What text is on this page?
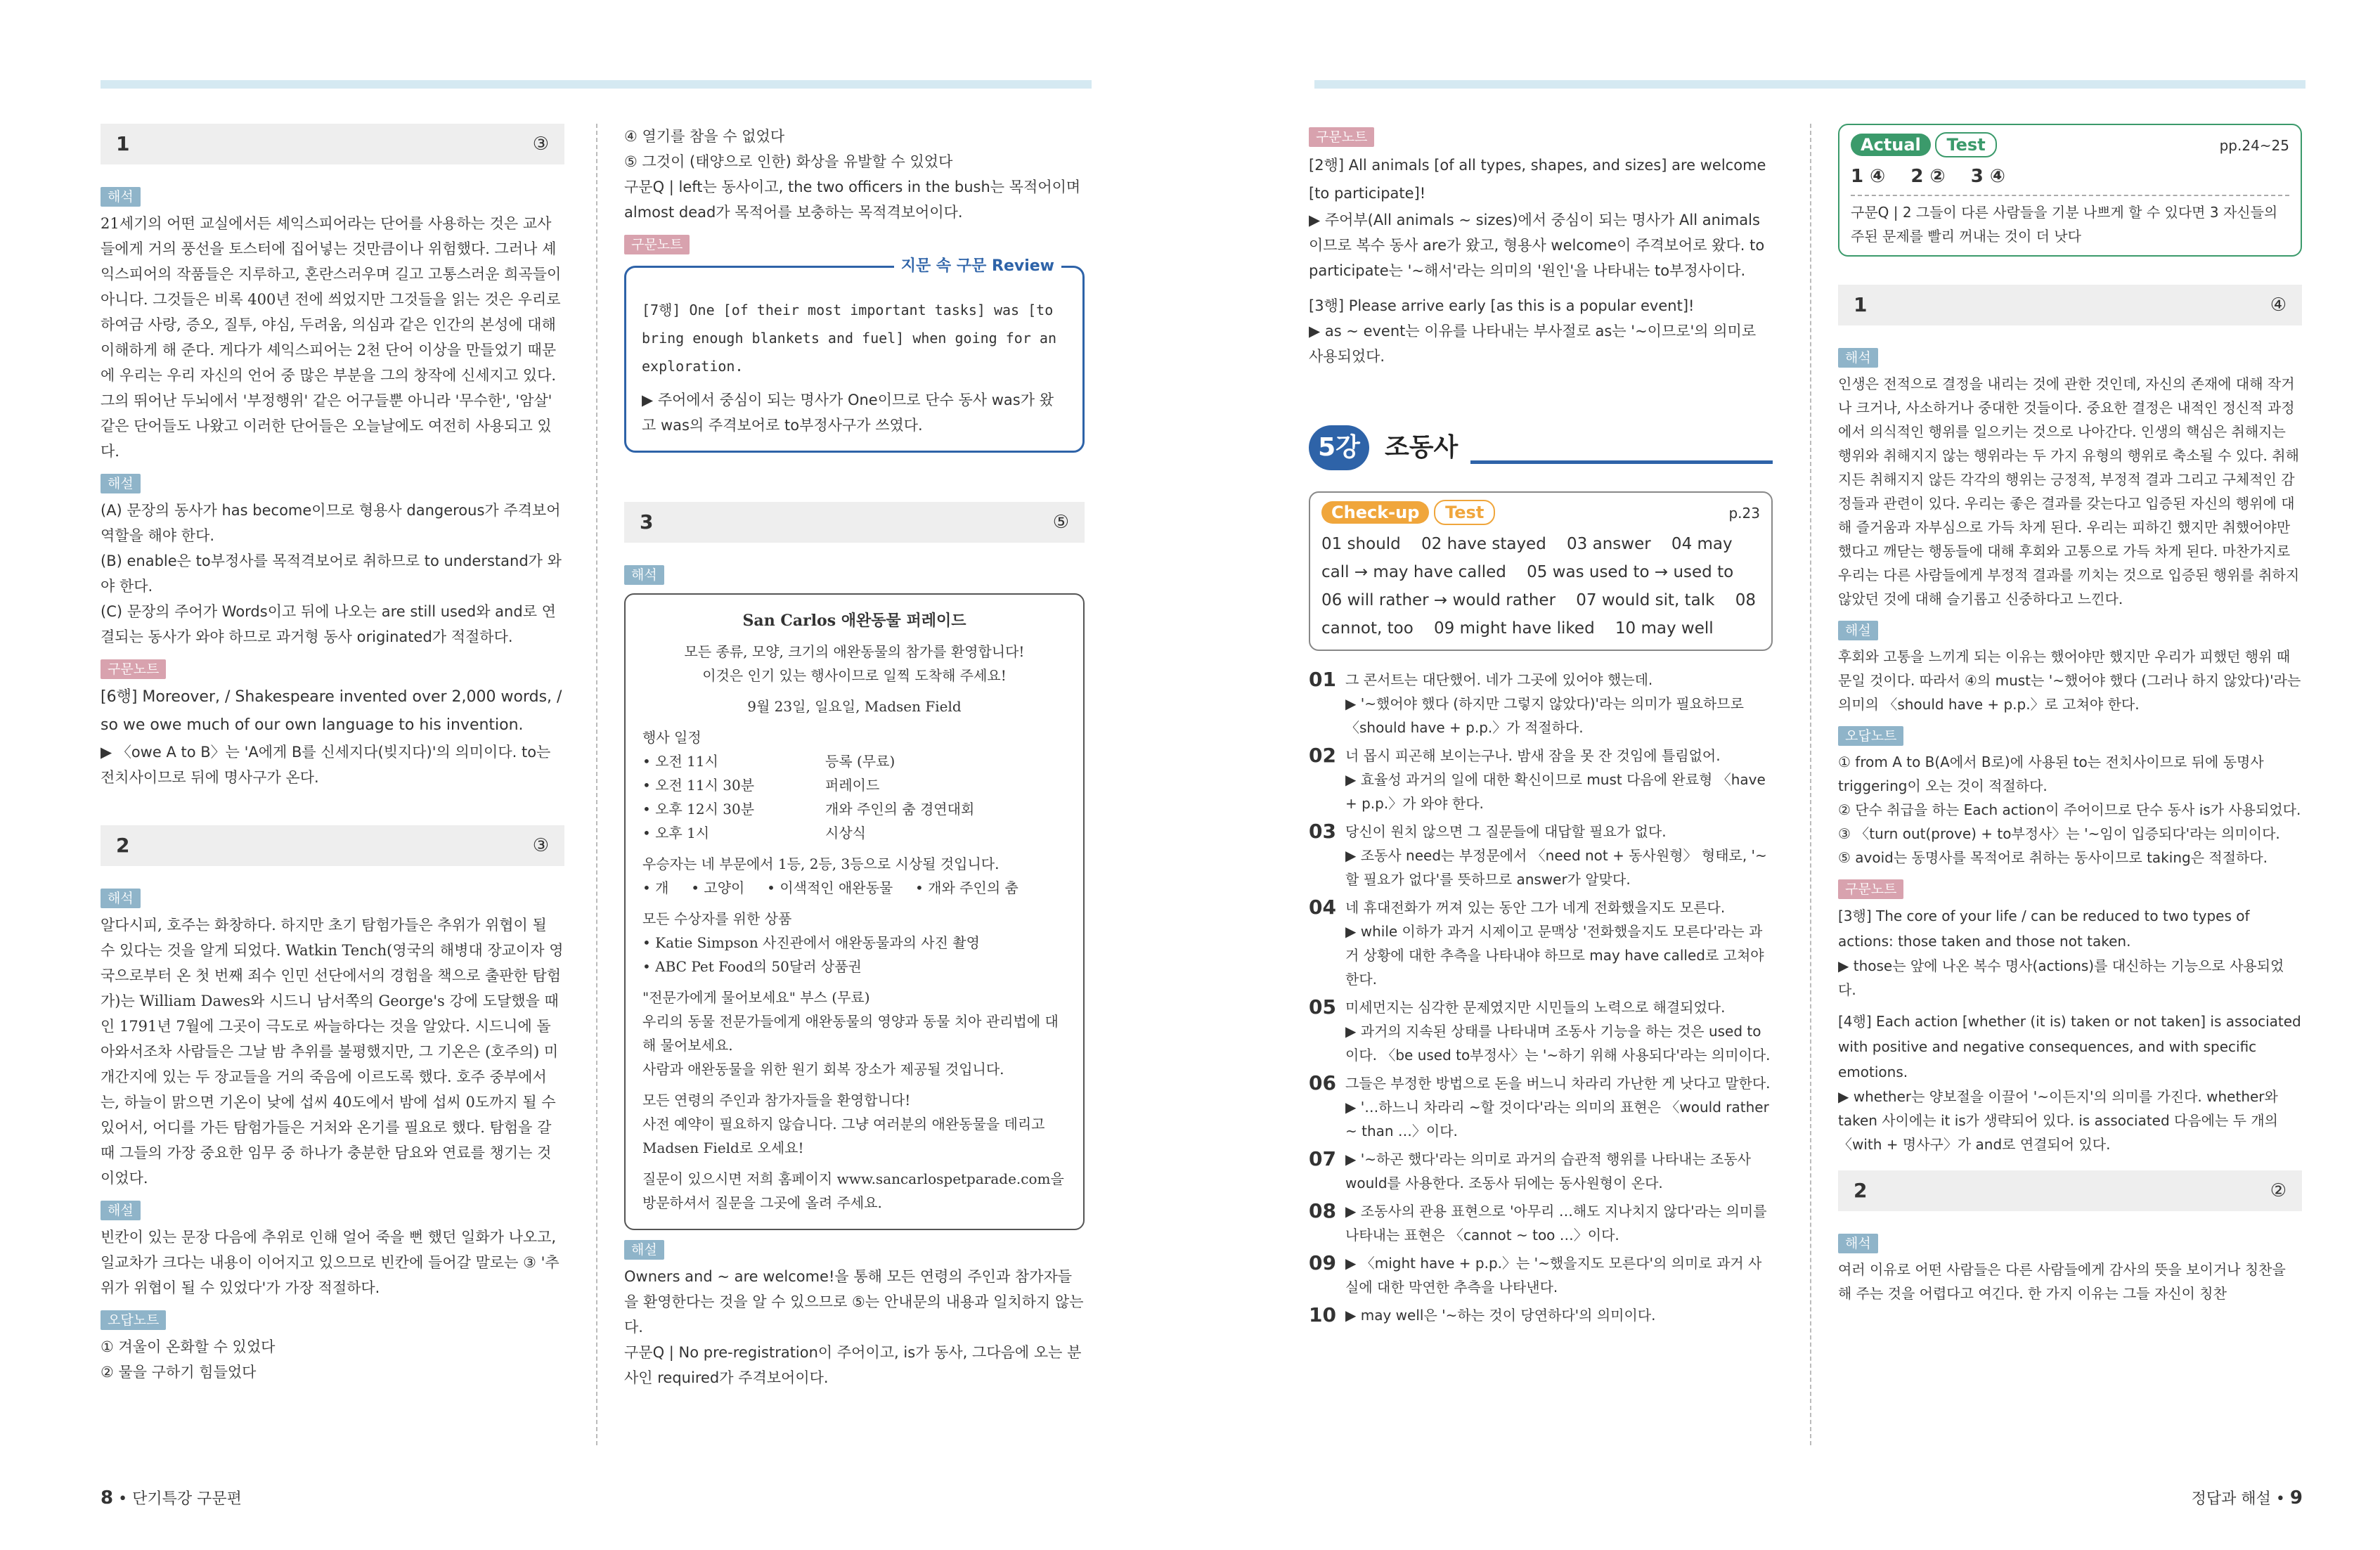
1	③
해석

21세기의 어떤 교실에서든 셰익스피어라는 단어를 사용하는 것은 교사들에게 거의 풍선을 토스터에 집어넣는 것만큼이나 위험했다. 그러나 셰익스피어의 작품들은 지루하고, 혼란스러우며 길고 고통스러운 희곡들이 아니다. 그것들은 비록 400년 전에 씌었지만 그것들을 읽는 것은 우리로 하여금 사랑, 증오, 질투, 야심, 두려움, 의심과 같은 인간의 본성에 대해 이해하게 해 준다. 게다가 셰익스피어는 2천 단어 이상을 만들었기 때문에 우리는 우리 자신의 언어 중 많은 부분을 그의 창작에 신세지고 있다. 그의 뛰어난 두뇌에서 '부정행위' 같은 어구들뿐 아니라 '무수한', '암살' 같은 단어들도 나왔고 이러한 단어들은 오늘날에도 여전히 사용되고 있다.

해설

(A) 문장의 동사가 has become이므로 형용사 dangerous가 주격보어 역할을 해야 한다.

(B) enable은 to부정사를 목적격보어로 취하므로 to understand가 와야 한다.

(C) 문장의 주어가 Words이고 뒤에 나오는 are still used와 and로 연결되는 동사가 와야 하므로 과거형 동사 originated가 적절하다.

구문노트

[6행] Moreover, / Shakespeare invented over 2,000 words, / so we owe much of our own language to his invention.

▶ 〈owe A to B〉는 'A에게 B를 신세지다(빚지다)'의 의미이다. to는 전치사이므로 뒤에 명사구가 온다.

2	③
해석

알다시피, 호주는 화창하다. 하지만 초기 탐험가들은 추위가 위협이 될 수 있다는 것을 알게 되었다. Watkin Tench(영국의 해병대 장교이자 영국으로부터 온 첫 번째 죄수 인민 선단에서의 경험을 책으로 출판한 탐험가)는 William Dawes와 시드니 남서쪽의 George's 강에 도달했을 때인 1791년 7월에 그곳이 극도로 싸늘하다는 것을 알았다. 시드니에 돌아와서조차 사람들은 그날 밤 추위를 불평했지만, 그 기온은 (호주의) 미개간지에 있는 두 장교들을 거의 죽음에 이르도록 했다. 호주 중부에서는, 하늘이 맑으면 기온이 낮에 섭씨 40도에서 밤에 섭씨 0도까지 될 수 있어서, 어디를 가든 탐험가들은 거처와 온기를 필요로 했다. 탐험을 갈 때 그들의 가장 중요한 임무 중 하나가 충분한 담요와 연료를 챙기는 것이었다.

해설

빈칸이 있는 문장 다음에 추위로 인해 얼어 죽을 뻔 했던 일화가 나오고, 일교차가 크다는 내용이 이어지고 있으므로 빈칸에 들어갈 말로는 ③ '추위가 위협이 될 수 있었다'가 가장 적절하다.

오답노트

① 겨울이 온화할 수 있었다

② 물을 구하기 힘들었다

④ 열기를 참을 수 없었다

⑤ 그것이 (태양으로 인한) 화상을 유발할 수 있었다

구문Q | left는 동사이고, the two officers in the bush는 목적어이며 almost dead가 목적어를 보충하는 목적격보어이다.

구문노트
지문 속 구문 Review

[7행] One [of their most important tasks] was [to bring enough blankets and fuel] when going for an exploration.

▶ 주어에서 중심이 되는 명사가 One이므로 단수 동사 was가 왔고 was의 주격보어로 to부정사구가 쓰였다.

3	⑤
해석
San Carlos 애완동물 퍼레이드
모든 종류, 모양, 크기의 애완동물의 참가를 환영합니다!
이것은 인기 있는 행사이므로 일찍 도착해 주세요!
9월 23일, 일요일, Madsen Field
행사 일정
• 오전 11시	등록 (무료)
• 오전 11시 30분	퍼레이드
• 오후 12시 30분	개와 주인의 춤 경연대회
• 오후 1시	시상식
우승자는 네 부문에서 1등, 2등, 3등으로 시상될 것입니다.
• 개     • 고양이     • 이색적인 애완동물     • 개와 주인의 춤
모든 수상자를 위한 상품
• Katie Simpson 사진관에서 애완동물과의 사진 촬영
• ABC Pet Food의 50달러 상품권
"전문가에게 물어보세요" 부스 (무료)
우리의 동물 전문가들에게 애완동물의 영양과 동물 치아 관리법에 대해 물어보세요.
사람과 애완동물을 위한 원기 회복 장소가 제공될 것입니다.
모든 연령의 주인과 참가자들을 환영합니다!
사전 예약이 필요하지 않습니다. 그냥 여러분의 애완동물을 데리고 Madsen Field로 오세요!
질문이 있으시면 저희 홈페이지 www.sancarlospetparade.com을 방문하셔서 질문을 그곳에 올려 주세요.
해설

Owners and ~ are welcome!을 통해 모든 연령의 주인과 참가자들을 환영한다는 것을 알 수 있으므로 ⑤는 안내문의 내용과 일치하지 않는다.

구문Q | No pre-registration이 주어이고, is가 동사, 그다음에 오는 분사인 required가 주격보어이다.

구문노트

[2행] All animals [of all types, shapes, and sizes] are welcome [to participate]!

▶ 주어부(All animals ~ sizes)에서 중심이 되는 명사가 All animals이므로 복수 동사 are가 왔고, 형용사 welcome이 주격보어로 왔다. to participate는 '~해서'라는 의미의 '원인'을 나타내는 to부정사이다.

[3행] Please arrive early [as this is a popular event]!

▶ as ~ event는 이유를 나타내는 부사절로 as는 '~이므로'의 의미로 사용되었다.

5강 조동사
Check-up Test	p.23

01 should    02 have stayed    03 answer    04 may call → may have called    05 was used to → used to    06 will rather → would rather    07 would sit, talk    08 cannot, too    09 might have liked    10 may well

01 그 콘서트는 대단했어. 네가 그곳에 있어야 했는데.
▶ '~했어야 했다 (하지만 그렇지 않았다)'라는 의미가 필요하므로 〈should have + p.p.〉가 적절하다.
02 너 몹시 피곤해 보이는구나. 밤새 잠을 못 잔 것임에 틀림없어.
▶ 효율성 과거의 일에 대한 확신이므로 must 다음에 완료형 〈have + p.p.〉가 와야 한다.
03 당신이 원치 않으면 그 질문들에 대답할 필요가 없다.
▶ 조동사 need는 부정문에서 〈need not + 동사원형〉 형태로, '~할 필요가 없다'를 뜻하므로 answer가 알맞다.
04 네 휴대전화가 꺼져 있는 동안 그가 네게 전화했을지도 모른다.
▶ while 이하가 과거 시제이고 문맥상 '전화했을지도 모른다'라는 과거 상황에 대한 추측을 나타내야 하므로 may have called로 고쳐야 한다.
05 미세먼지는 심각한 문제였지만 시민들의 노력으로 해결되었다.
▶ 과거의 지속된 상태를 나타내며 조동사 기능을 하는 것은 used to이다. 〈be used to부정사〉는 '~하기 위해 사용되다'라는 의미이다.
06 그들은 부정한 방법으로 돈을 버느니 차라리 가난한 게 낫다고 말한다.
▶ '…하느니 차라리 ~할 것이다'라는 의미의 표현은 〈would rather ~ than …〉이다.
07 ▶ '~하곤 했다'라는 의미로 과거의 습관적 행위를 나타내는 조동사 would를 사용한다. 조동사 뒤에는 동사원형이 온다.
08 ▶ 조동사의 관용 표현으로 '아무리 …해도 지나치지 않다'라는 의미를 나타내는 표현은 〈cannot ~ too …〉이다.
09 ▶ 〈might have + p.p.〉는 '~했을지도 모른다'의 의미로 과거 사실에 대한 막연한 추측을 나타낸다.
10 ▶ may well은 '~하는 것이 당연하다'의 의미이다.
Actual Test	pp.24~25

1 ④    2 ②    3 ④

구문Q | 2 그들이 다른 사람들을 기분 나쁘게 할 수 있다면 3 자신들의 주된 문제를 빨리 꺼내는 것이 더 낫다

1	④
해석

인생은 전적으로 결정을 내리는 것에 관한 것인데, 자신의 존재에 대해 작거나 크거나, 사소하거나 중대한 것들이다. 중요한 결정은 내적인 정신적 과정에서 의식적인 행위를 일으키는 것으로 나아간다. 인생의 핵심은 취해지는 행위와 취해지지 않는 행위라는 두 가지 유형의 행위로 축소될 수 있다. 취해지든 취해지지 않든 각각의 행위는 긍정적, 부정적 결과 그리고 구체적인 감정들과 관련이 있다. 우리는 좋은 결과를 갖는다고 입증된 자신의 행위에 대해 즐거움과 자부심으로 가득 차게 된다. 우리는 피하긴 했지만 취했어야만 했다고 깨닫는 행동들에 대해 후회와 고통으로 가득 차게 된다. 마찬가지로 우리는 다른 사람들에게 부정적 결과를 끼치는 것으로 입증된 행위를 취하지 않았던 것에 대해 슬기롭고 신중하다고 느낀다.

해설

후회와 고통을 느끼게 되는 이유는 했어야만 했지만 우리가 피했던 행위 때문일 것이다. 따라서 ④의 must는 '~했어야 했다 (그러나 하지 않았다)'라는 의미의 〈should have + p.p.〉로 고쳐야 한다.

오답노트

① from A to B(A에서 B로)에 사용된 to는 전치사이므로 뒤에 동명사 triggering이 오는 것이 적절하다.

② 단수 취급을 하는 Each action이 주어이므로 단수 동사 is가 사용되었다.

③ 〈turn out(prove) + to부정사〉는 '~임이 입증되다'라는 의미이다.

⑤ avoid는 동명사를 목적어로 취하는 동사이므로 taking은 적절하다.

구문노트

[3행] The core of your life / can be reduced to two types of actions: those taken and those not taken.

▶ those는 앞에 나온 복수 명사(actions)를 대신하는 기능으로 사용되었다.

[4행] Each action [whether (it is) taken or not taken] is associated with positive and negative consequences, and with specific emotions.

▶ whether는 양보절을 이끌어 '~이든지'의 의미를 가진다. whether와 taken 사이에는 it is가 생략되어 있다. is associated 다음에는 두 개의 〈with + 명사구〉가 and로 연결되어 있다.

2	②
해석

여러 이유로 어떤 사람들은 다른 사람들에게 감사의 뜻을 보이거나 칭찬을 해 주는 것을 어렵다고 여긴다. 한 가지 이유는 그들 자신이 칭찬

8 • 단기특강 구문편	정답과 해설 • 9
